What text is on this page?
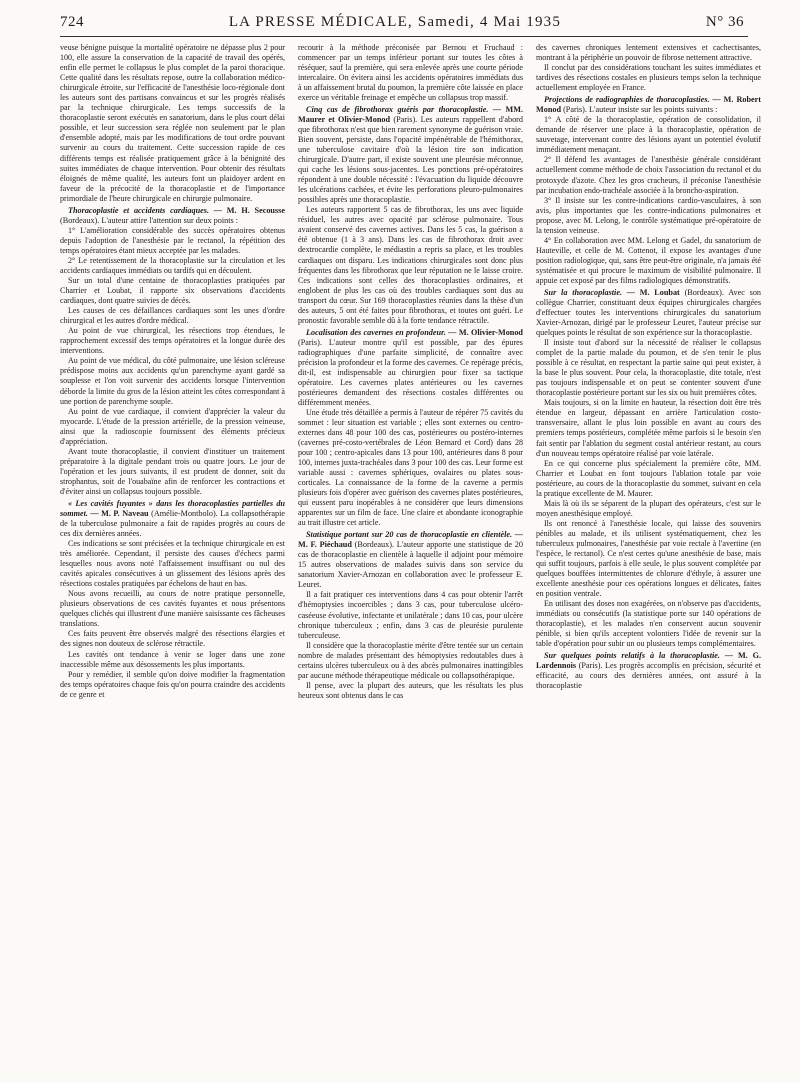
724	LA PRESSE MÉDICALE, Samedi, 4 Mai 1935	N° 36

veuse bénigne puisque la mortalité opératoire ne dépasse plus 2 pour 100, elle assure la conservation de la capacité de travail des opérés, enfin elle permet le collapsus le plus complet de la paroi thoracique. Cette qualité dans les résultats repose, outre la collaboration médico-chirurgicale étroite, sur l'efficacité de l'anesthésie loco-régionale dont les auteurs sont des partisans convaincus et sur les progrès réalisés par la technique chirurgicale. Les temps successifs de la thoracoplastie seront exécutés en sanatorium, dans le plus court délai possible, et leur succession sera réglée non seulement par le plan d'ensemble adopté, mais par les modifications de tout ordre pouvant survenir au cours du traitement. Cette succession rapide de ces différents temps est réalisée pratiquement grâce à la bénignité des suites immédiates de chaque intervention. Pour obtenir des résultats éloignés de même qualité, les auteurs font un plaidoyer ardent en faveur de la précocité de la thoracoplastie et de l'importance primordiale de l'heure chirurgicale en chirurgie pulmonaire.

Thoracoplastie et accidents cardiaques. — M. H. Secousse (Bordeaux). L'auteur attire l'attention sur deux points :

1° L'amélioration considérable des succès opératoires obtenus depuis l'adoption de l'anesthésie par le rectanol, la répétition des temps opératoires étant mieux acceptée par les malades.

2° Le retentissement de la thoracoplastie sur la circulation et les accidents cardiaques immédiats ou tardifs qui en découlent.

Sur un total d'une centaine de thoracoplasties pratiquées par Charrier et Loubat, il rapporte six observations d'accidents cardiaques, dont quatre suivies de décès.

Les causes de ces défaillances cardiaques sont les unes d'ordre chirurgical et les autres d'ordre médical.

Au point de vue chirurgical, les résections trop étendues, le rapprochement excessif des temps opératoires et la longue durée des interventions.

Au point de vue médical, du côté pulmonaire, une lésion scléreuse prédispose moins aux accidents qu'un parenchyme ayant gardé sa souplesse et l'on voit survenir des accidents lorsque l'intervention déborde la limite du gros de la lésion atteint les côtes correspondant à une portion de parenchyme souple.

Au point de vue cardiaque, il convient d'apprécier la valeur du myocarde. L'étude de la pression artérielle, de la pression veineuse, ainsi que la radioscopie fournissent des éléments précieux d'appréciation.

Avant toute thoracoplastie, il convient d'instituer un traitement préparatoire à la digitale pendant trois ou quatre jours. Le jour de l'opération et les jours suivants, il est prudent de donner, soit du strophantus, soit de l'ouabaïne afin de renforcer les contractions et d'éviter ainsi un collapsus toujours possible.

« Les cavités fuyantes » dans les thoracoplasties partielles du sommet. — M. P. Naveau (Amélie-Montbolo). La collapsothérapie de la tuberculose pulmonaire a fait de rapides progrès au cours de ces dix dernières années.

Ces indications se sont précisées et la technique chirurgicale en est très améliorée. Cependant, il persiste des causes d'échecs parmi lesquelles nous avons noté l'affaissement insuffisant ou nul des cavités apicales consécutives à un glissement des lésions après des résections costales pratiquées par échelons de haut en bas.

Nous avons recueilli, au cours de notre pratique personnelle, plusieurs observations de ces cavités fuyantes et nous présentons quelques clichés qui illustrent d'une manière saisissante ces fâcheuses translations.

Ces faits peuvent être observés malgré des résections élargies et des signes non douteux de sclérose rétractile.

Les cavités ont tendance à venir se loger dans une zone inaccessible même aux désossements les plus importants.

Pour y remédier, il semble qu'on doive modifier la fragmentation des temps opératoires chaque fois qu'on pourra craindre des accidents de ce genre et

recourir à la méthode préconisée par Bernou et Fruchaud : commencer par un temps inférieur portant sur toutes les côtes à réséquer, sauf la première, qui sera enlevée après une courte période intercalaire. On évitera ainsi les accidents opératoires immédiats dus à un affaissement brutal du poumon, la première côte laissée en place exerce un véritable freinage et empêche un collapsus trop massif.

Cinq cas de fibrothorax guéris par thoracoplastie. — MM. Maurer et Olivier-Monod (Paris). Les auteurs rappellent d'abord que fibrothorax n'est que bien rarement synonyme de guérison vraie. Bien souvent, persiste, dans l'opacité impénétrable de l'hémithorax, une tuberculose cavitaire d'où la lésion tire son indication chirurgicale. D'autre part, il existe souvent une pleurésie méconnue, qui cache les lésions sous-jacentes. Les ponctions pré-opératoires répondent à une double nécessité : l'évacuation du liquide découvre les ulcérations cachées, et évite les perforations pleuro-pulmonaires possibles après une thoracoplastie.

Les auteurs rapportent 5 cas de fibrothorax, les uns avec liquide résiduel, les autres avec opacité par sclérose pulmonaire. Tous avaient conservé des cavernes actives. Dans les 5 cas, la guérison a été obtenue (1 à 3 ans). Dans les cas de fibrothorax droit avec dextrocardie complète, le médiastin a repris sa place, et les troubles cardiaques ont disparu. Les indications chirurgicales sont donc plus fréquentes dans les fibrothorax que leur réputation ne le laisse croire. Ces indications sont celles des thoracoplasties ordinaires, et englobent de plus les cas où des troubles cardiaques sont dus au transport du cœur. Sur 169 thoracoplasties réunies dans la thèse d'un des auteurs, 5 ont été faites pour fibrothorax, et toutes ont guéri. Le pronostic favorable semble dû à la forte tendance rétractile.

Localisation des cavernes en profondeur. — M. Olivier-Monod (Paris). L'auteur montre qu'il est possible, par des épures radiographiques d'une parfaite simplicité, de connaître avec précision la profondeur et la forme des cavernes. Ce repérage précis, dit-il, est indispensable au chirurgien pour fixer sa tactique opératoire. Les cavernes plates antérieures ou les cavernes postérieures demandent des résections costales différentes ou différemment menées.

Une étude très détaillée a permis à l'auteur de répérer 75 cavités du sommet : leur situation est variable ; elles sont externes ou centro-externes dans 48 pour 100 des cas, postérieures ou postéro-internes (cavernes pré-costo-vertébrales de Léon Bernard et Cord) dans 28 pour 100 ; centro-apicales dans 13 pour 100, antérieures dans 8 pour 100, internes juxta-trachéales dans 3 pour 100 des cas. Leur forme est variable aussi : cavernes sphériques, ovalaires ou plates sous-corticales. La connaissance de la forme de la caverne a permis plusieurs fois d'opérer avec guérison des cavernes plates postérieures, qui eussent paru inopérables à ne considérer que leurs dimensions apparentes sur un film de face. Une claire et abondante iconographie au trait illustre cet article.

Statistique portant sur 20 cas de thoracoplastie en clientèle. — M. F. Piéchaud (Bordeaux). L'auteur apporte une statistique de 20 cas de thoracoplastie en clientèle à laquelle il adjoint pour mémoire 15 autres observations de malades suivis dans son service du sanatorium Xavier-Arnozan en collaboration avec le professeur E. Leuret.

Il a fait pratiquer ces interventions dans 4 cas pour obtenir l'arrêt d'hémoptysies incoercibles ; dans 3 cas, pour tuberculose ulcéro-caséeuse évolutive, infectante et unilatérale ; dans 10 cas, pour ulcère chronique tuberculeux ; enfin, dans 3 cas de pleurésie purulente tuberculeuse.

Il considère que la thoracoplastie mérite d'être tentée sur un certain nombre de malades présentant des hémoptysies redoutables dues à certains ulcères tuberculeux ou à des abcès pulmonaires inattingibles par aucune méthode thérapeutique médicale ou collapsothérapique.

Il pense, avec la plupart des auteurs, que les résultats les plus heureux sont obtenus dans le cas

des cavernes chroniques lentement extensives et cachectisantes, montrant à la périphérie un pouvoir de fibrose nettement attractive.

Il conclut par des considérations touchant les suites immédiates et tardives des résections costales en plusieurs temps selon la technique actuellement employée en France.

Projections de radiographies de thoracoplasties. — M. Robert Monod (Paris). L'auteur insiste sur les points suivants :

1° A côté de la thoracoplastie, opération de consolidation, il demande de réserver une place à la thoracoplastie, opération de sauvetage, intervenant contre des lésions ayant un potentiel évolutif immédiatement menaçant.

2° Il défend les avantages de l'anesthésie générale considérant actuellement comme méthode de choix l'association du rectanol et du protoxyde d'azote. Chez les gros cracheurs, il préconise l'anesthésie par incubation endo-trachéale associée à la broncho-aspiration.

3° Il insiste sur les contre-indications cardio-vasculaires, à son avis, plus importantes que les contre-indications pulmonaires et propose, avec M. Lelong, le contrôle systématique pré-opératoire de la tension veineuse.

4° En collaboration avec MM. Lelong et Gadel, du sanatorium de Hauteville, et celle de M. Cottenot, il expose les avantages d'une position radiologique, qui, sans être peut-être originale, n'a jamais été systématisée et qui procure le maximum de visibilité pulmonaire. Il appuie cet exposé par des films radiologiques démonstratifs.

Sur la thoracoplastie. — M. Loubat (Bordeaux). Avec son collègue Charrier, constituant deux équipes chirurgicales chargées d'effectuer toutes les interventions chirurgicales du sanatorium Xavier-Arnozan, dirigé par le professeur Leuret, l'auteur précise sur quelques points le résultat de son expérience sur la thoracoplastie.

Il insiste tout d'abord sur la nécessité de réaliser le collapsus complet de la partie malade du poumon, et de s'en tenir le plus possible à ce résultat, en respectant la partie saine qui peut exister, à la base le plus souvent. Pour cela, la thoracoplastie, dite totale, n'est pas toujours indispensable et on peut se contenter souvent d'une thoracoplastie postérieure portant sur les six ou huit premières côtes.

Mais toujours, si on la limite en hauteur, la résection doit être très étendue en largeur, dépassant en arrière l'articulation costo-transversaire, allant le plus loin possible en avant au cours des premiers temps postérieurs, complétée même parfois si le besoin s'en fait sentir par l'ablation du segment costal antérieur restant, au cours d'un nouveau temps opératoire réalisé par voie latérale.

En ce qui concerne plus spécialement la première côte, MM. Charrier et Loubat en font toujours l'ablation totale par voie postérieure, au cours de la thoracoplastie du sommet, suivant en cela la pratique excellente de M. Maurer.

Mais là où ils se séparent de la plupart des opérateurs, c'est sur le moyen anesthésique employé.

Ils ont renoncé à l'anesthésie locale, qui laisse des souvenirs pénibles au malade, et ils utilisent systématiquement, chez les tuberculeux pulmonaires, l'anesthésie par voie rectale à l'avertine (en l'espèce, le rectanol). Ce n'est certes qu'une anesthésie de base, mais qui suffit toujours, parfois à elle seule, le plus souvent complétée par quelques bouffées intermittentes de chlorure d'éthyle, à assurer une excellente anesthésie pour ces opérations longues et délicates, faites en position ventrale.

En utilisant des doses non exagérées, on n'observe pas d'accidents, immédiats ou consécutifs (la statistique porte sur 140 opérations de thoracoplastie), et les malades n'en conservent aucun souvenir pénible, si bien qu'ils acceptent volontiers l'idée de revenir sur la table d'opération pour subir un ou plusieurs temps complémentaires.

Sur quelques points relatifs à la thoracoplastie. — M. G. Lardennois (Paris). Les progrès accomplis en précision, sécurité et efficacité, au cours des dernières années, ont assuré à la thoracoplastie
